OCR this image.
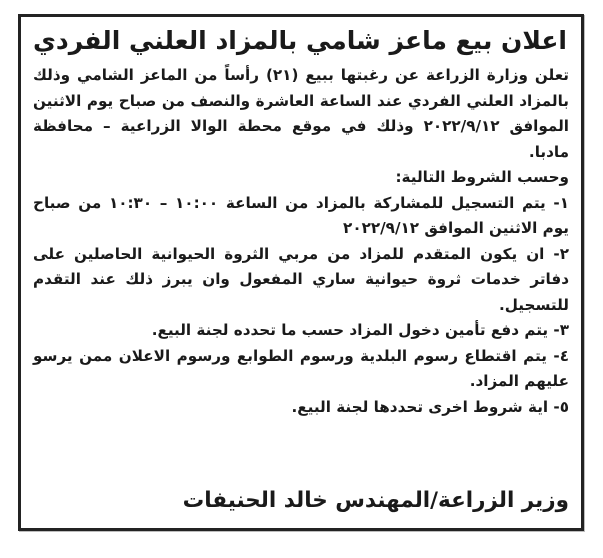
اعلان بيع ماعز شامي بالمزاد العلني الفردي

تعلن وزارة الزراعة عن رغبتها ببيع (٢١) رأساً من الماعز الشامي وذلك بالمزاد العلني الفردي عند الساعة العاشرة والنصف من صباح يوم الاثنين الموافق ٢٠٢٢/٩/١٢ وذلك في موقع محطة الوالا الزراعية – محافظة مادبا.

وحسب الشروط التالية:

١- يتم التسجيل للمشاركة بالمزاد من الساعة ١٠:٠٠ – ١٠:٣٠ من صباح يوم الاثنين الموافق ٢٠٢٢/٩/١٢
٢- ان يكون المتقدم للمزاد من مربي الثروة الحيوانية الحاصلين على دفاتر خدمات ثروة حيوانية ساري المفعول وان يبرز ذلك عند التقدم للتسجيل.
٣- يتم دفع تأمين دخول المزاد حسب ما تحدده لجنة البيع.
٤- يتم اقتطاع رسوم البلدية ورسوم الطوابع ورسوم الاعلان ممن يرسو عليهم المزاد.
٥- اية شروط اخرى تحددها لجنة البيع.
وزير الزراعة/المهندس خالد الحنيفات
